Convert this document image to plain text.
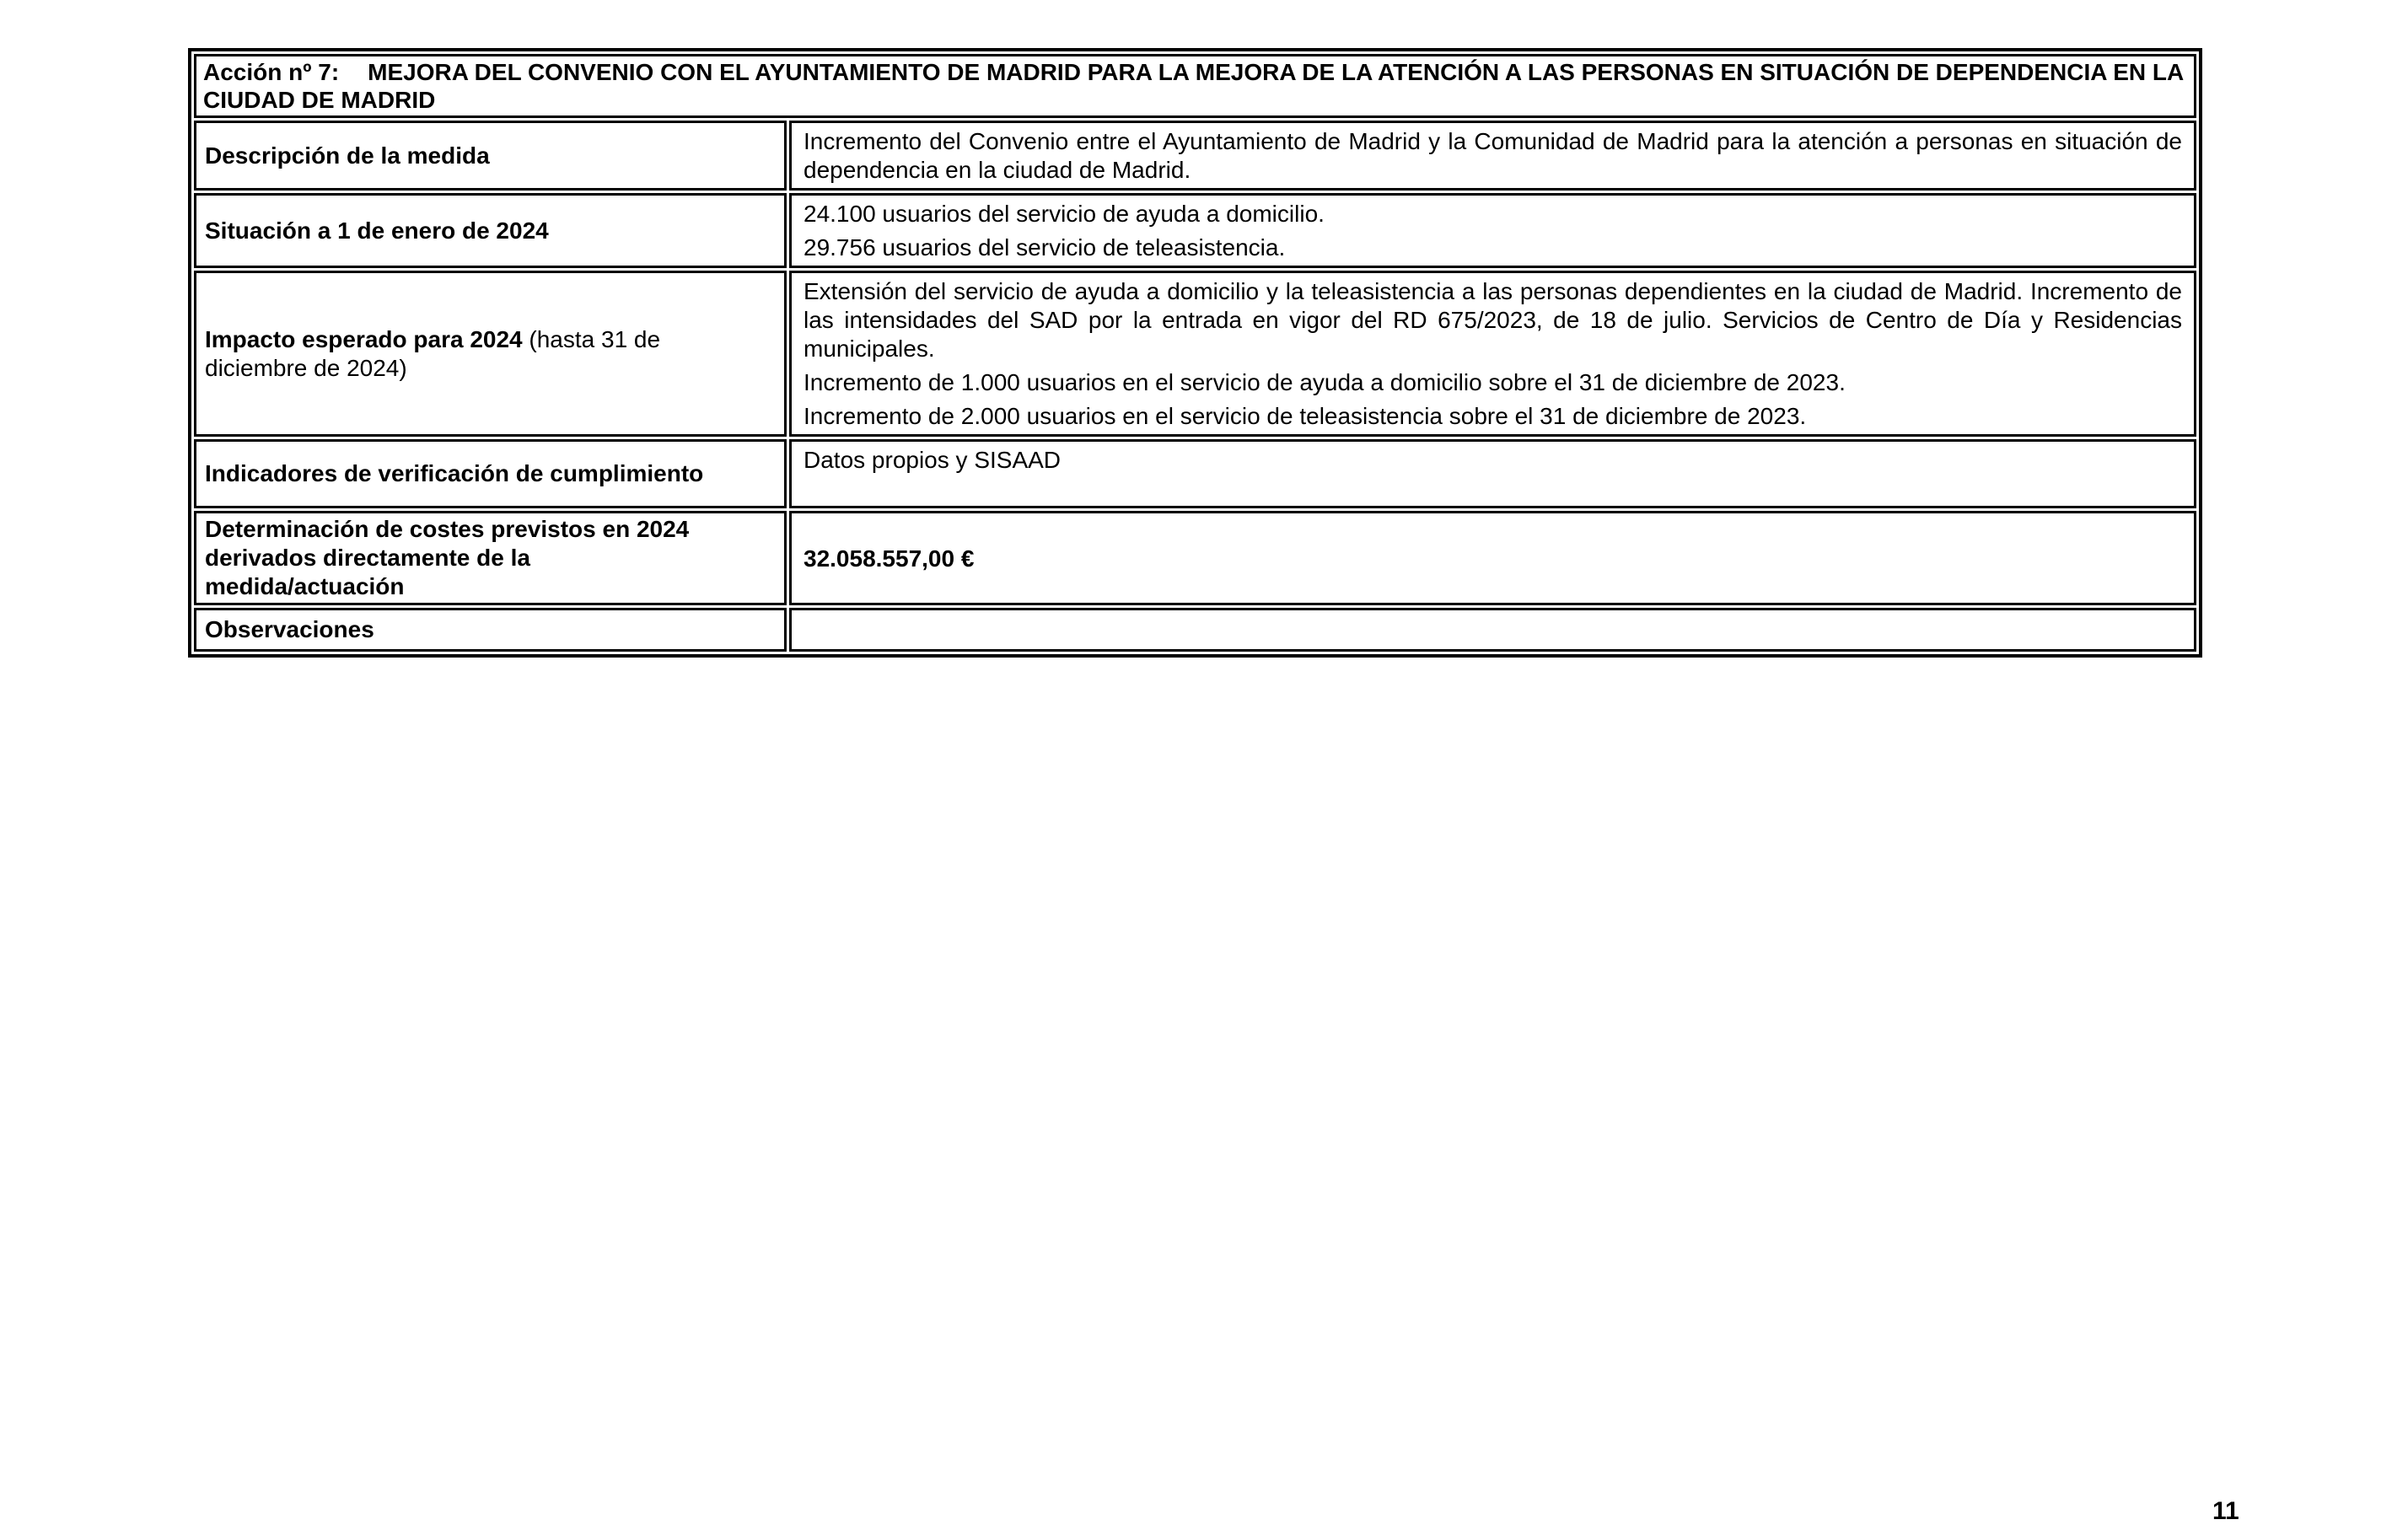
Acción nº 7: MEJORA DEL CONVENIO CON EL AYUNTAMIENTO DE MADRID PARA LA MEJORA DE LA ATENCIÓN A LAS PERSONAS EN SITUACIÓN DE DEPENDENCIA EN LA CIUDAD DE MADRID	
Descripción de la medida	Incremento del Convenio entre el Ayuntamiento de Madrid y la Comunidad de Madrid para la atención a personas en situación de dependencia en la ciudad de Madrid.

Situación a 1 de enero de 2024	24.100 usuarios del servicio de ayuda a domicilio.

29.756 usuarios del servicio de teleasistencia.

Impacto esperado para 2024 (hasta 31 de diciembre de 2024)	Extensión del servicio de ayuda a domicilio y la teleasistencia a las personas dependientes en la ciudad de Madrid. Incremento de las intensidades del SAD por la entrada en vigor del RD 675/2023, de 18 de julio. Servicios de Centro de Día y Residencias municipales.

Incremento de 1.000 usuarios en el servicio de ayuda a domicilio sobre el 31 de diciembre de 2023.

Incremento de 2.000 usuarios en el servicio de teleasistencia sobre el 31 de diciembre de 2023.

Indicadores de verificación de cumplimiento	Datos propios y SISAAD

Determinación de costes previstos en 2024 derivados directamente de la medida/actuación	32.058.557,00 €

Observaciones	

11
